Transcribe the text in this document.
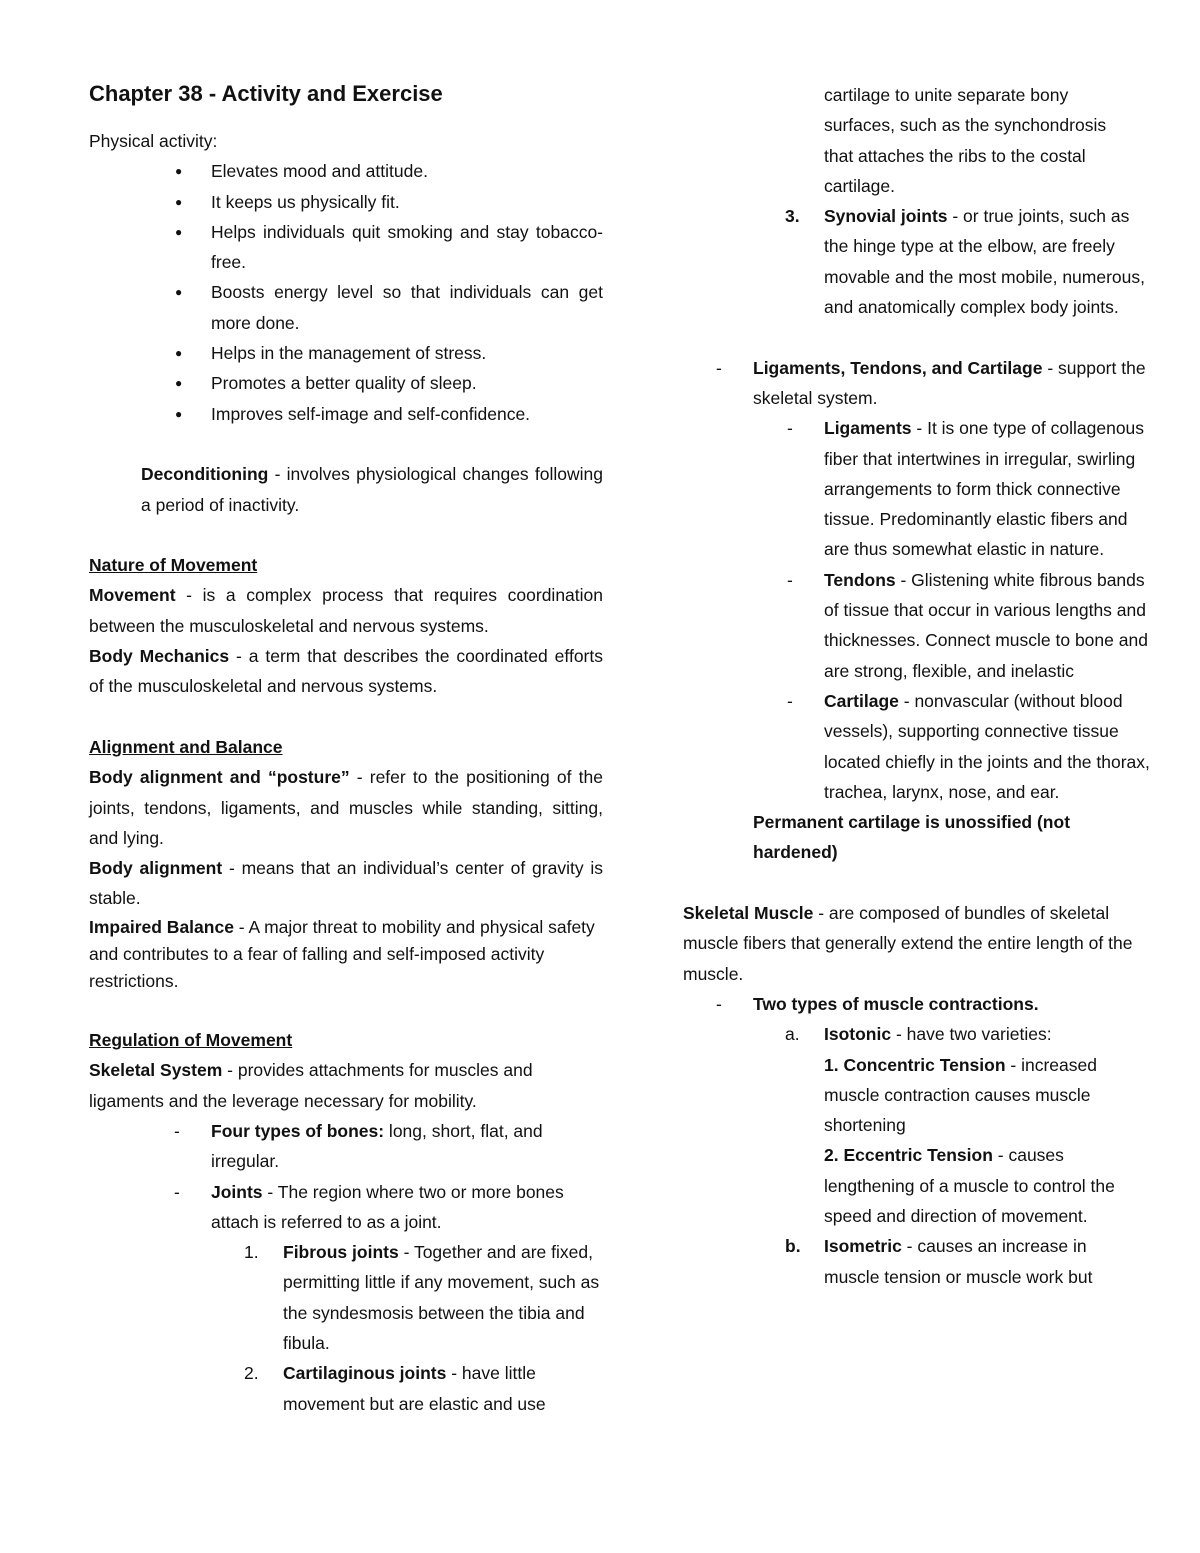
Chapter 38 - Activity and Exercise

Physical activity:

● Elevates mood and attitude.
● It keeps us physically fit.
● Helps individuals quit smoking and stay tobacco-free.
● Boosts energy level so that individuals can get more done.
● Helps in the management of stress.
● Promotes a better quality of sleep.
● Improves self-image and self-confidence.

Deconditioning - involves physiological changes following a period of inactivity.

Nature of Movement

Movement - is a complex process that requires coordination between the musculoskeletal and nervous systems.

Body Mechanics - a term that describes the coordinated efforts of the musculoskeletal and nervous systems.

Alignment and Balance

Body alignment and “posture” - refer to the positioning of the joints, tendons, ligaments, and muscles while standing, sitting, and lying.

Body alignment - means that an individual’s center of gravity is stable.

Impaired Balance - A major threat to mobility and physical safety and contributes to a fear of falling and self-imposed activity restrictions.

Regulation of Movement

Skeletal System - provides attachments for muscles and ligaments and the leverage necessary for mobility.

- Four types of bones: long, short, flat, and irregular.
- Joints - The region where two or more bones attach is referred to as a joint.
1. Fibrous joints - Together and are fixed, permitting little if any movement, such as the syndesmosis between the tibia and fibula.
2. Cartilaginous joints - have little
movement but are elastic and use
cartilage to unite separate bony
surfaces, such as the synchondrosis
that attaches the ribs to the costal
cartilage.
3. Synovial joints - or true joints, such as the hinge type at the elbow, are freely movable and the most mobile, numerous, and anatomically complex body joints.
- Ligaments, Tendons, and Cartilage - support the skeletal system.
- Ligaments - It is one type of collagenous fiber that intertwines in irregular, swirling arrangements to form thick connective tissue. Predominantly elastic fibers and are thus somewhat elastic in nature.
- Tendons - Glistening white fibrous bands of tissue that occur in various lengths and thicknesses. Connect muscle to bone and are strong, flexible, and inelastic
- Cartilage - nonvascular (without blood vessels), supporting connective tissue located chiefly in the joints and the thorax, trachea, larynx, nose, and ear.

Permanent cartilage is unossified (not hardened)

Skeletal Muscle - are composed of bundles of skeletal muscle fibers that generally extend the entire length of the muscle.

- Two types of muscle contractions.
a. Isotonic - have two varieties:
1. Concentric Tension - increased muscle contraction causes muscle shortening
2. Eccentric Tension - causes lengthening of a muscle to control the speed and direction of movement.
b. Isometric - causes an increase in muscle tension or muscle work but
